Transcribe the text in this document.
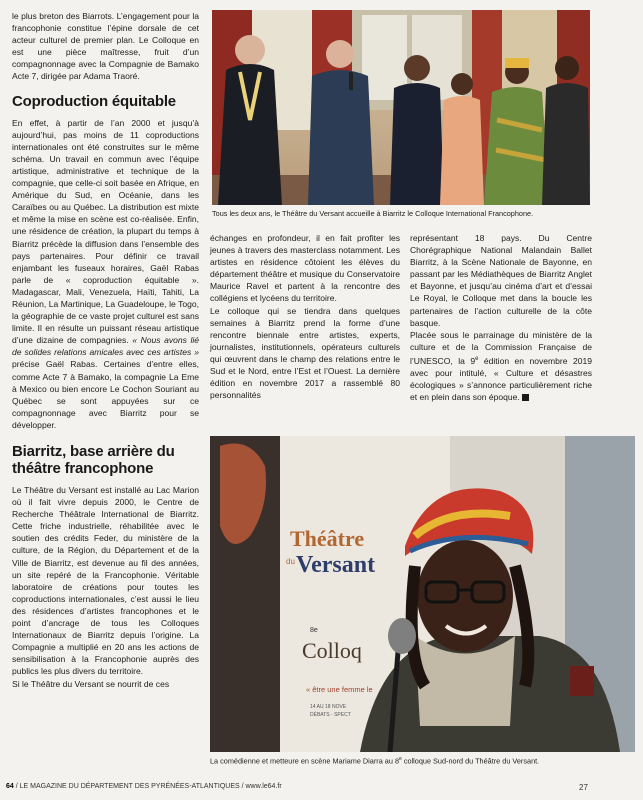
le plus breton des Biarrots. L’engagement pour la francophonie constitue l’épine dorsale de cet acteur culturel de premier plan. Le Colloque en est une pièce maîtresse, fruit d’un compagnonnage avec la Compagnie de Bamako Acte 7, dirigée par Adama Traoré.

Coproduction équitable

En effet, à partir de l’an 2000 et jusqu’à aujourd’hui, pas moins de 11 coproductions internationales ont été construites sur le même schéma. Un travail en commun avec l’équipe artistique, administrative et technique de la compagnie, que celle-ci soit basée en Afrique, en Amérique du Sud, en Océanie, dans les Caraïbes ou au Québec. La distribution est mixte et même la mise en scène est co-réalisée. Enfin, une résidence de création, la plupart du temps à Biarritz précède la diffusion dans l’ensemble des pays partenaires. Pour définir ce travail enjambant les fuseaux horaires, Gaël Rabas parle de « coproduction équitable ». Madagascar, Mali, Venezuela, Haïti, Tahiti, La Réunion, La Martinique, La Guadeloupe, le Togo, la géographie de ce vaste projet culturel est sans limite. Il en résulte un puissant réseau artistique d’une dizaine de compagnies. « Nous avons lié de solides relations amicales avec ces artistes » précise Gaël Rabas. Certaines d’entre elles, comme Acte 7 à Bamako, la compagnie La Eme à Mexico ou bien encore Le Cochon Souriant au Québec se sont appuyées sur ce compagnonnage avec Biarritz pour se développer.

Biarritz, base arrière du théâtre francophone

Le Théâtre du Versant est installé au Lac Marion où il fait vivre depuis 2000, le Centre de Recherche Théâtrale International de Biarritz. Cette friche industrielle, réhabilitée avec le soutien des crédits Feder, du ministère de la culture, de la Région, du Département et de la Ville de Biarritz, est devenue au fil des années, un site repéré de la Francophonie. Véritable laboratoire de créations pour toutes les coproductions internationales, c’est aussi le lieu des résidences d’artistes francophones et le point d’ancrage de tous les Colloques Internationaux de Biarritz depuis l’origine. La Compagnie a multiplié en 20 ans les actions de sensibilisation à la Francophonie auprès des publics les plus divers du territoire.

Si le Théâtre du Versant se nourrit de ces

Tous les deux ans, le Théâtre du Versant accueille à Biarritz le Colloque International Francophone.

échanges en profondeur, il en fait profiter les jeunes à travers des masterclass notamment. Les artistes en résidence côtoient les élèves du département théâtre et musique du Conservatoire Maurice Ravel et partent à la rencontre des collégiens et lycéens du territoire.

Le colloque qui se tiendra dans quelques semaines à Biarritz prend la forme d’une rencontre biennale entre artistes, experts, journalistes, institutionnels, opérateurs culturels qui œuvrent dans le champ des relations entre le Sud et le Nord, entre l’Est et l’Ouest. La dernière édition en novembre 2017 a rassemblé 80 personnalités

représentant 18 pays. Du Centre Chorégraphique National Malandain Ballet Biarritz, à la Scène Nationale de Bayonne, en passant par les Médiathèques de Biarritz Anglet et Bayonne, et jusqu’au cinéma d’art et d’essai Le Royal, le Colloque met dans la boucle les partenaires de l’action culturelle de la côte basque.

Placée sous le parrainage du ministère de la culture et de la Commission Française de l’UNESCO, la 9e édition en novembre 2019 avec pour intitulé, « Culture et désastres écologiques » s’annonce particulièrement riche et en plein dans son époque.

Théâtre
du Versant
8e
Colloq
« être une femme le
14 AU 18 NOVE
DÉBATS · SPECT
La comédienne et metteure en scène Mariame Diarra au 8e colloque Sud-nord du Théâtre du Versant.
64 / LE MAGAZINE DU DÉPARTEMENT DES PYRÉNÉES-ATLANTIQUES / www.le64.fr	27
